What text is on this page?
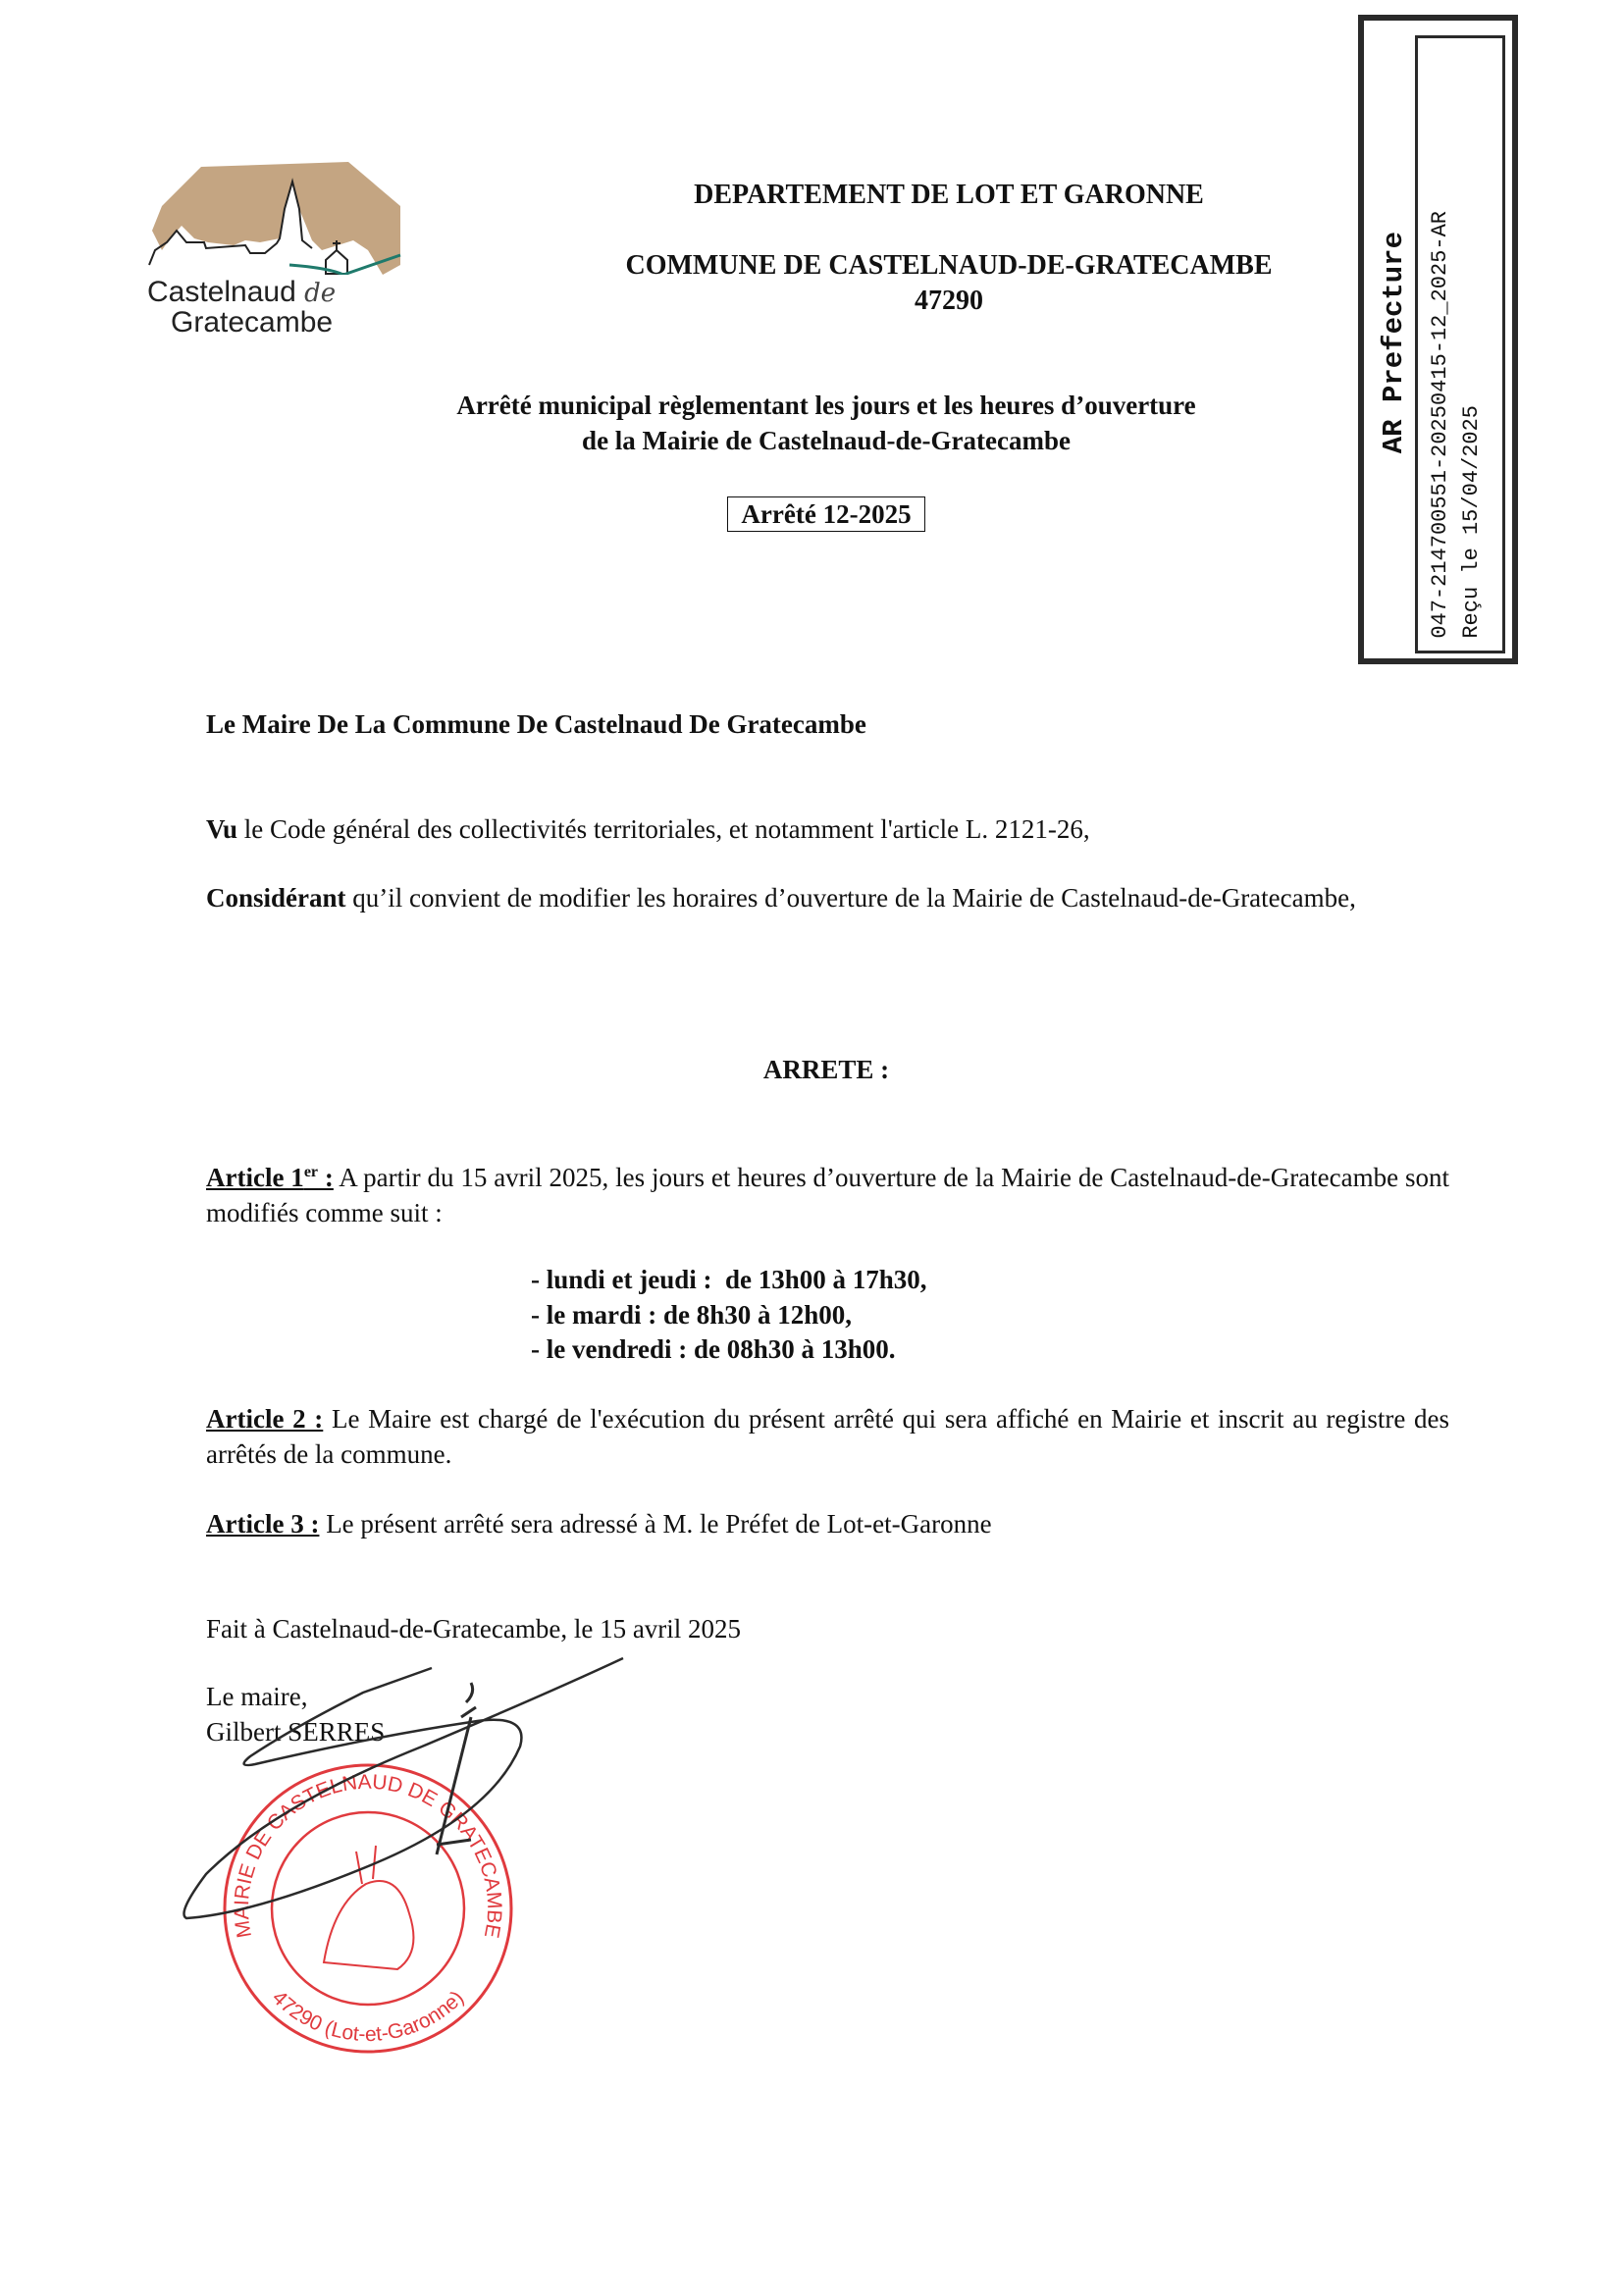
Castelnaud de
Gratecambe
DEPARTEMENT DE LOT ET GARONNE
COMMUNE DE CASTELNAUD-DE-GRATECAMBE
47290
Arrêté municipal règlementant les jours et les heures d’ouverture
de la Mairie de Castelnaud-de-Gratecambe
Arrêté 12-2025
AR Prefecture 047-214700551-20250415-12_2025-AR Reçu le 15/04/2025
Le Maire De La Commune De Castelnaud De Gratecambe
Vu le Code général des collectivités territoriales, et notamment l'article L. 2121-26,
Considérant qu’il convient de modifier les horaires d’ouverture de la Mairie de Castelnaud-de-Gratecambe,
ARRETE :
Article 1er : A partir du 15 avril 2025, les jours et heures d’ouverture de la Mairie de Castelnaud-de-Gratecambe sont modifiés comme suit :
- lundi et jeudi :  de 13h00 à 17h30,
- le mardi : de 8h30 à 12h00,
- le vendredi : de 08h30 à 13h00.
Article 2 : Le Maire est chargé de l'exécution du présent arrêté qui sera affiché en Mairie et inscrit au registre des arrêtés de la commune.
Article 3 : Le présent arrêté sera adressé à M. le Préfet de Lot-et-Garonne
Fait à Castelnaud-de-Gratecambe, le 15 avril 2025
Le maire,
Gilbert SERRES
MAIRIE DE CASTELNAUD DE GRATECAMBE
47290 (Lot-et-Garonne)
